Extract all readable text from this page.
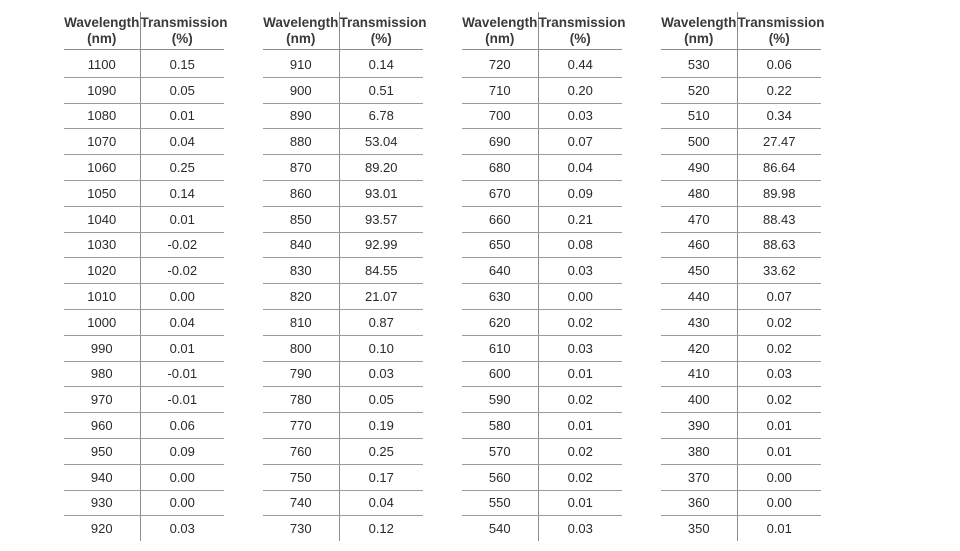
Wavelength
(nm)	Transmission
(%)

1100	0.15
1090	0.05
1080	0.01
1070	0.04
1060	0.25
1050	0.14
1040	0.01
1030	-0.02
1020	-0.02
1010	0.00
1000	0.04
990	0.01
980	-0.01
970	-0.01
960	0.06
950	0.09
940	0.00
930	0.00
920	0.03
Wavelength
(nm)	Transmission
(%)

910	0.14
900	0.51
890	6.78
880	53.04
870	89.20
860	93.01
850	93.57
840	92.99
830	84.55
820	21.07
810	0.87
800	0.10
790	0.03
780	0.05
770	0.19
760	0.25
750	0.17
740	0.04
730	0.12
Wavelength
(nm)	Transmission
(%)

720	0.44
710	0.20
700	0.03
690	0.07
680	0.04
670	0.09
660	0.21
650	0.08
640	0.03
630	0.00
620	0.02
610	0.03
600	0.01
590	0.02
580	0.01
570	0.02
560	0.02
550	0.01
540	0.03
Wavelength
(nm)	Transmission
(%)

530	0.06
520	0.22
510	0.34
500	27.47
490	86.64
480	89.98
470	88.43
460	88.63
450	33.62
440	0.07
430	0.02
420	0.02
410	0.03
400	0.02
390	0.01
380	0.01
370	0.00
360	0.00
350	0.01
